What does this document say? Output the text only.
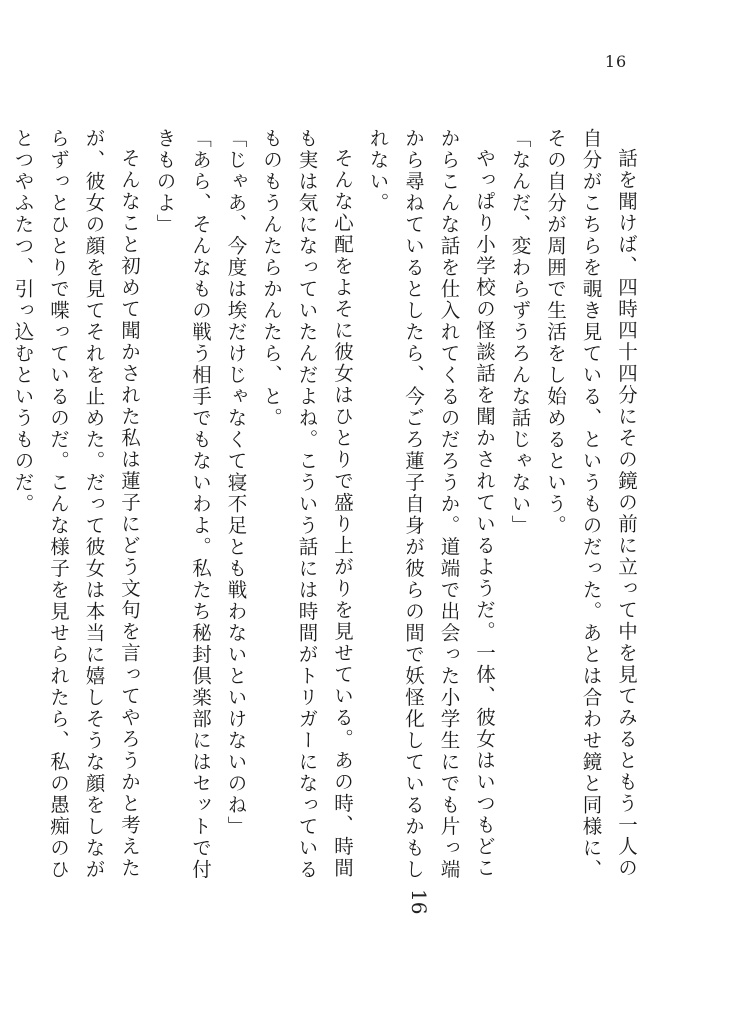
16

話を聞けば、四時四十四分にその鏡の前に立って中を見てみるともう一人の自分がこちらを覗き見ている、というものだった。あとは合わせ鏡と同様に、その自分が周囲で生活をし始めるという。

「なんだ、変わらずうろんな話じゃない」

やっぱり小学校の怪談話を聞かされているようだ。一体、彼女はいつもどこからこんな話を仕入れてくるのだろうか。道端で出会った小学生にでも片っ端から尋ねているとしたら、今ごろ蓮子自身が彼らの間で妖怪化しているかもしれない。

そんな心配をよそに彼女はひとりで盛り上がりを見せている。あの時、時間も実は気になっていたんだよね。こういう話には時間がトリガーになっているものもうんたらかんたら、と。

「じゃあ、今度は埃だけじゃなくて寝不足とも戦わないといけないのね」

「あら、そんなもの戦う相手でもないわよ。私たち秘封倶楽部にはセットで付きものよ」

そんなこと初めて聞かされた私は蓮子にどう文句を言ってやろうかと考えたが、彼女の顔を見てそれを止めた。だって彼女は本当に嬉しそうな顔をしながらずっとひとりで喋っているのだ。こんな様子を見せられたら、私の愚痴のひとつやふたつ、引っ込むというものだ。

16
